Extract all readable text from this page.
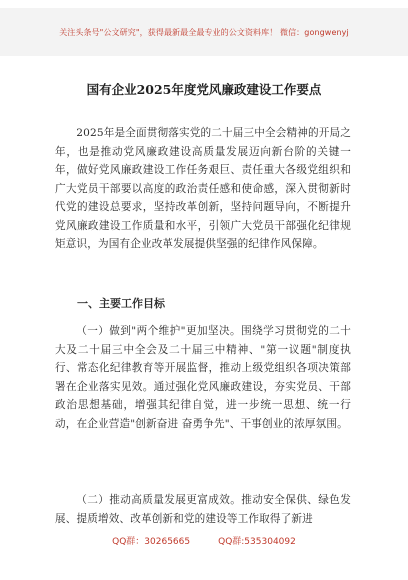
关注头条号"公文研究"，获得最新最全最专业的公文资料库！ 微信：gongwenyj
国有企业2025年度党风廉政建设工作要点

2025年是全面贯彻落实党的二十届三中全会精神的开局之年，也是推动党风廉政建设高质量发展迈向新台阶的关键一年，做好党风廉政建设工作任务艰巨、责任重大各级党组织和广大党员干部要以高度的政治责任感和使命感，深入贯彻新时代党的建设总要求，坚持改革创新，坚持问题导向，不断提升党风廉政建设工作质量和水平，引领广大党员干部强化纪律规矩意识，为国有企业改革发展提供坚强的纪律作风保障。

一、主要工作目标

（一）做到"两个维护"更加坚决。围绕学习贯彻党的二十大及二十届三中全会及二十届三中精神、"第一议题"制度执行、常态化纪律教育等开展监督，推动上级党组织各项决策部署在企业落实见效。通过强化党风廉政建设，夯实党员、干部政治思想基础，增强其纪律自觉，进一步统一思想、统一行动，在企业营造"创新奋进 奋勇争先"、干事创业的浓厚氛围。

（二）推动高质量发展更富成效。推动安全保供、绿色发展、提质增效、改革创新和党的建设等工作取得了新进

QQ群：30265665	QQ群:535304092
